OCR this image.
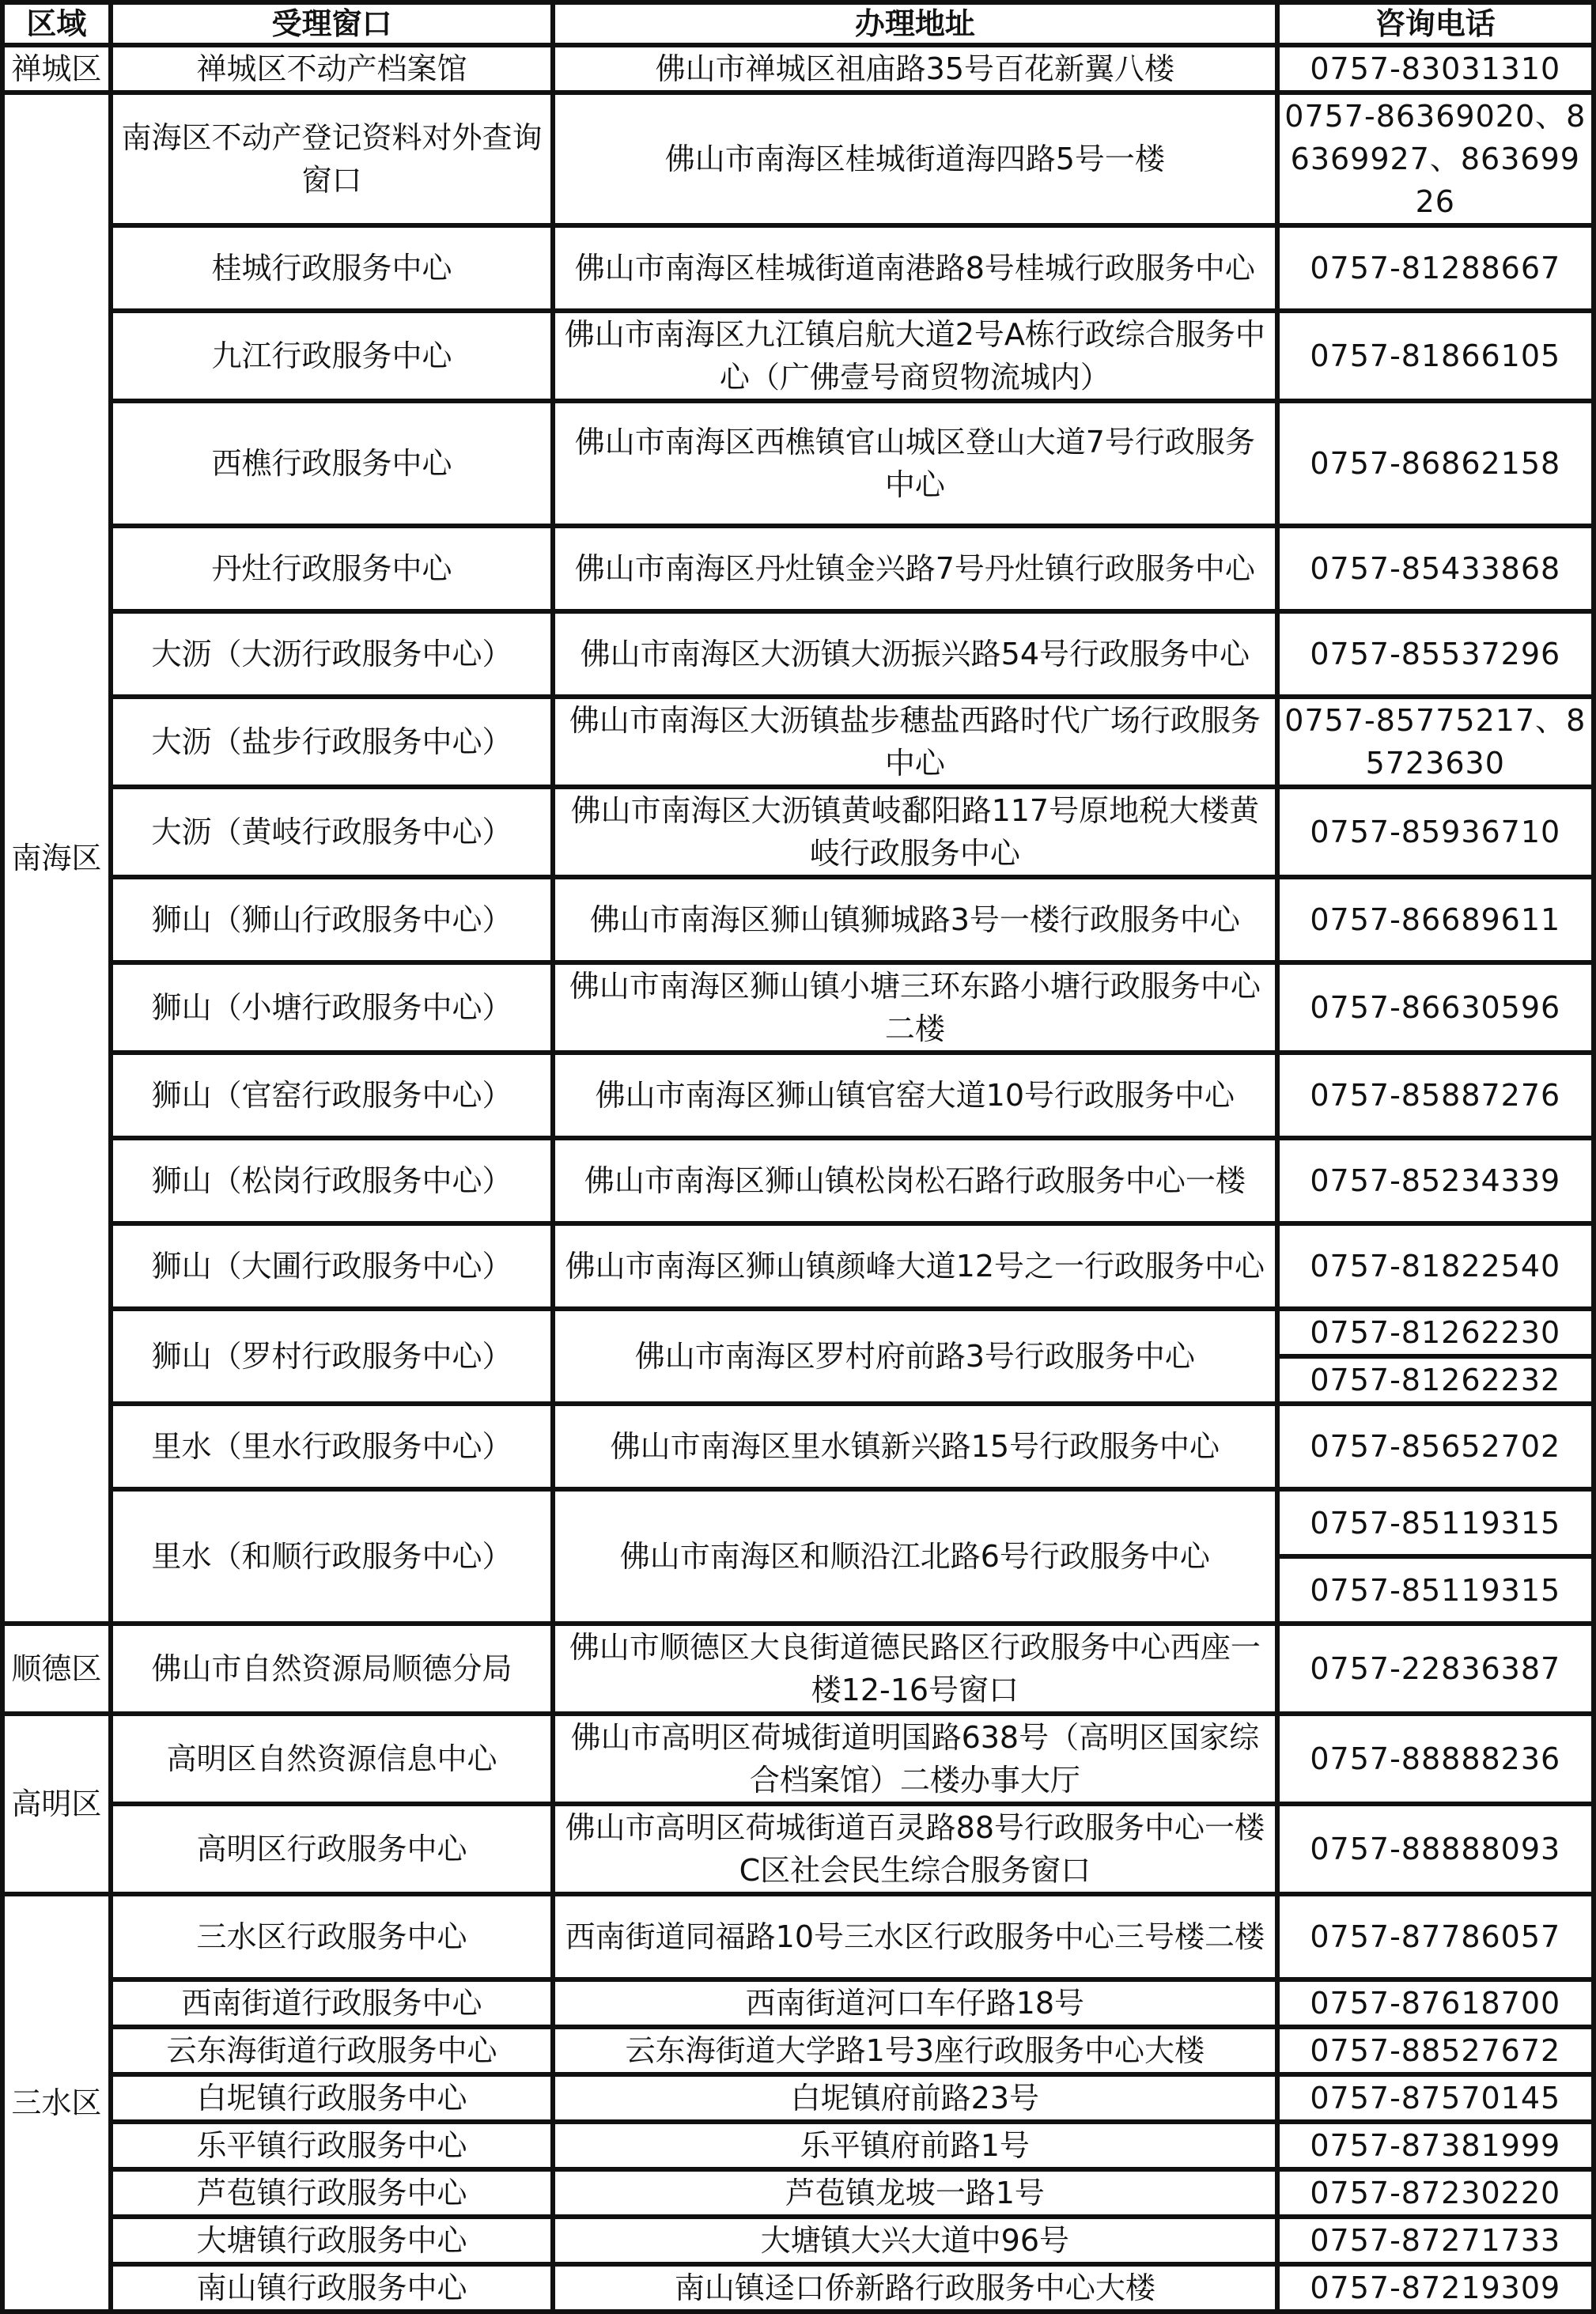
区域	受理窗口	办理地址	咨询电话
禅城区	禅城区不动产档案馆	佛山市禅城区祖庙路35号百花新翼八楼	0757-83031310
南海区	南海区不动产登记资料对外查询窗口	佛山市南海区桂城街道海四路5号一楼	0757-86369020、86369927、86369926
	桂城行政服务中心	佛山市南海区桂城街道南港路8号桂城行政服务中心	0757-81288667
	九江行政服务中心	佛山市南海区九江镇启航大道2号A栋行政综合服务中心（广佛壹号商贸物流城内）	0757-81866105
	西樵行政服务中心	佛山市南海区西樵镇官山城区登山大道7号行政服务中心	0757-86862158
	丹灶行政服务中心	佛山市南海区丹灶镇金兴路7号丹灶镇行政服务中心	0757-85433868
	大沥（大沥行政服务中心）	佛山市南海区大沥镇大沥振兴路54号行政服务中心	0757-85537296
	大沥（盐步行政服务中心）	佛山市南海区大沥镇盐步穗盐西路时代广场行政服务中心	0757-85775217、85723630
	大沥（黄岐行政服务中心）	佛山市南海区大沥镇黄岐鄱阳路117号原地税大楼黄岐行政服务中心	0757-85936710
	狮山（狮山行政服务中心）	佛山市南海区狮山镇狮城路3号一楼行政服务中心	0757-86689611
	狮山（小塘行政服务中心）	佛山市南海区狮山镇小塘三环东路小塘行政服务中心二楼	0757-86630596
	狮山（官窑行政服务中心）	佛山市南海区狮山镇官窑大道10号行政服务中心	0757-85887276
	狮山（松岗行政服务中心）	佛山市南海区狮山镇松岗松石路行政服务中心一楼	0757-85234339
	狮山（大圃行政服务中心）	佛山市南海区狮山镇颜峰大道12号之一行政服务中心	0757-81822540
	狮山（罗村行政服务中心）	佛山市南海区罗村府前路3号行政服务中心	0757-81262230
			0757-81262232
	里水（里水行政服务中心）	佛山市南海区里水镇新兴路15号行政服务中心	0757-85652702
	里水（和顺行政服务中心）	佛山市南海区和顺沿江北路6号行政服务中心	0757-85119315
			0757-85119315
顺德区	佛山市自然资源局顺德分局	佛山市顺德区大良街道德民路区行政服务中心西座一楼12-16号窗口	0757-22836387
高明区	高明区自然资源信息中心	佛山市高明区荷城街道明国路638号（高明区国家综合档案馆）二楼办事大厅	0757-88888236
	高明区行政服务中心	佛山市高明区荷城街道百灵路88号行政服务中心一楼C区社会民生综合服务窗口	0757-88888093
三水区	三水区行政服务中心	西南街道同福路10号三水区行政服务中心三号楼二楼	0757-87786057
	西南街道行政服务中心	西南街道河口车仔路18号	0757-87618700
	云东海街道行政服务中心	云东海街道大学路1号3座行政服务中心大楼	0757-88527672
	白坭镇行政服务中心	白坭镇府前路23号	0757-87570145
	乐平镇行政服务中心	乐平镇府前路1号	0757-87381999
	芦苞镇行政服务中心	芦苞镇龙坡一路1号	0757-87230220
	大塘镇行政服务中心	大塘镇大兴大道中96号	0757-87271733
	南山镇行政服务中心	南山镇迳口侨新路行政服务中心大楼	0757-87219309
